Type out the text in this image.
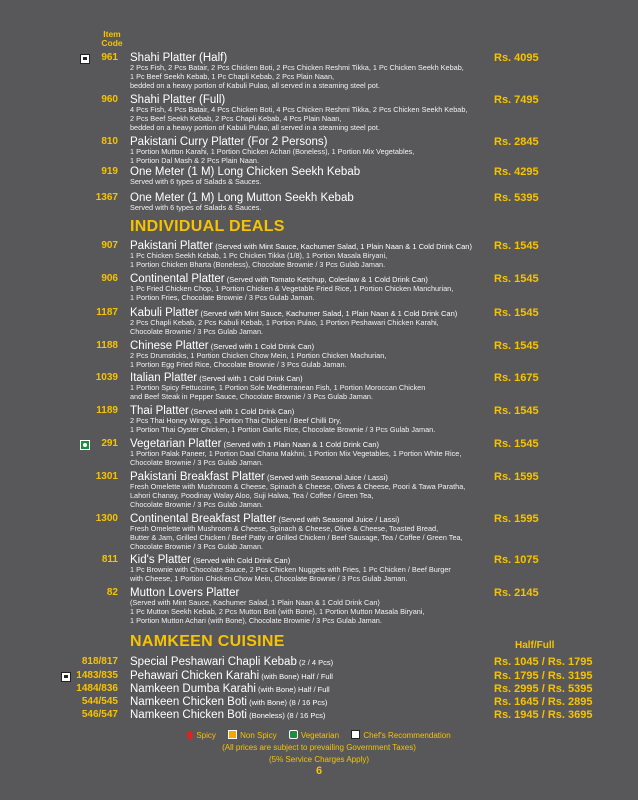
Item Code
961 Shahi Platter (Half)
2 Pcs Fish, 2 Pcs Batair, 2 Pcs Chicken Boti, 2 Pcs Chicken Reshmi Tikka, 1 Pc Chicken Seekh Kebab,
1 Pc Beef Seekh Kebab, 1 Pc Chapli Kebab, 2 Pcs Plain Naan,
bedded on a heavy portion of Kabuli Pulao, all served in a steaming steel pot.
Rs. 4095
960 Shahi Platter (Full)
4 Pcs Fish, 4 Pcs Batair, 4 Pcs Chicken Boti, 4 Pcs Chicken Reshmi Tikka, 2 Pcs Chicken Seekh Kebab,
2 Pcs Beef Seekh Kebab, 2 Pcs Chapli Kebab, 4 Pcs Plain Naan,
bedded on a heavy portion of Kabuli Pulao, all served in a steaming steel pot.
Rs. 7495
810 Pakistani Curry Platter (For 2 Persons)
1 Portion Mutton Karahi, 1 Portion Chicken Achari (Boneless), 1 Portion Mix Vegetables,
1 Portion Dal Mash & 2 Pcs Plain Naan.
Rs. 2845
919 One Meter (1 M) Long Chicken Seekh Kebab
Served with 6 types of Salads & Sauces.
Rs. 4295
1367 One Meter (1 M) Long Mutton Seekh Kebab
Served with 6 types of Salads & Sauces.
Rs. 5395
INDIVIDUAL DEALS
907 Pakistani Platter (Served with Mint Sauce, Kachumer Salad, 1 Plain Naan & 1 Cold Drink Can)
1 Pc Chicken Seekh Kebab, 1 Pc Chicken Tikka (1/8), 1 Portion Masala Biryani,
1 Portion Chicken Bharta (Boneless), Chocolate Brownie / 3 Pcs Gulab Jaman.
Rs. 1545
906 Continental Platter (Served with Tomato Ketchup, Coleslaw & 1 Cold Drink Can)
1 Pc Fried Chicken Chop, 1 Portion Chicken & Vegetable Fried Rice, 1 Portion Chicken Manchurian,
1 Portion Fries, Chocolate Brownie / 3 Pcs Gulab Jaman.
Rs. 1545
1187 Kabuli Platter (Served with Mint Sauce, Kachumer Salad, 1 Plain Naan & 1 Cold Drink Can)
2 Pcs Chapli Kebab, 2 Pcs Kabuli Kebab, 1 Portion Pulao, 1 Portion Peshawari Chicken Karahi,
Chocolate Brownie / 3 Pcs Gulab Jaman.
Rs. 1545
1188 Chinese Platter (Served with 1 Cold Drink Can)
2 Pcs Drumsticks, 1 Portion Chicken Chow Mein, 1 Portion Chicken Machurian,
1 Portion Egg Fried Rice, Chocolate Brownie / 3 Pcs Gulab Jaman.
Rs. 1545
1039 Italian Platter (Served with 1 Cold Drink Can)
1 Portion Spicy Fettuccine, 1 Portion Sole Mediterranean Fish, 1 Portion Moroccan Chicken
and Beef Steak in Pepper Sauce, Chocolate Brownie / 3 Pcs Gulab Jaman.
Rs. 1675
1189 Thai Platter (Served with 1 Cold Drink Can)
2 Pcs Thai Honey Wings, 1 Portion Thai Chicken / Beef Chilli Dry,
1 Portion Thai Oyster Chicken, 1 Portion Garlic Rice, Chocolate Brownie / 3 Pcs Gulab Jaman.
Rs. 1545
291 Vegetarian Platter (Served with 1 Plain Naan & 1 Cold Drink Can)
1 Portion Palak Paneer, 1 Portion Daal Chana Makhni, 1 Portion Mix Vegetables, 1 Portion White Rice,
Chocolate Brownie / 3 Pcs Gulab Jaman.
Rs. 1545
1301 Pakistani Breakfast Platter (Served with Seasonal Juice / Lassi)
Fresh Omelette with Mushroom & Cheese, Spinach & Cheese, Olives & Cheese, Poori & Tawa Paratha,
Lahori Chanay, Poodinay Walay Aloo, Suji Halwa, Tea / Coffee / Green Tea,
Chocolate Brownie / 3 Pcs Gulab Jaman.
Rs. 1595
1300 Continental Breakfast Platter (Served with Seasonal Juice / Lassi)
Fresh Omelette with Mushroom & Cheese, Spinach & Cheese, Olive & Cheese, Toasted Bread,
Butter & Jam, Grilled Chicken / Beef Patty or Grilled Chicken / Beef Sausage, Tea / Coffee / Green Tea,
Chocolate Brownie / 3 Pcs Gulab Jaman.
Rs. 1595
811 Kid's Platter (Served with Cold Drink Can)
1 Pc Brownie with Chocolate Sauce, 2 Pcs Chicken Nuggets with Fries, 1 Pc Chicken / Beef Burger
with Cheese, 1 Portion Chicken Chow Mein, Chocolate Brownie / 3 Pcs Gulab Jaman.
Rs. 1075
82 Mutton Lovers Platter
(Served with Mint Sauce, Kachumer Salad, 1 Plain Naan & 1 Cold Drink Can)
1 Pc Mutton Seekh Kebab, 2 Pcs Mutton Boti (with Bone), 1 Portion Mutton Masala Biryani,
1 Portion Mutton Achari (with Bone), Chocolate Brownie / 3 Pcs Gulab Jaman.
Rs. 2145
NAMKEEN CUISINE	Half/Full
818/817 Special Peshawari Chapli Kebab (2 / 4 Pcs)	Rs. 1045 / Rs. 1795
1483/835 Pehawari Chicken Karahi (with Bone) Half / Full	Rs. 1795 / Rs. 3195
1484/836 Namkeen Dumba Karahi (with Bone) Half / Full	Rs. 2995 / Rs. 5395
544/545 Namkeen Chicken Boti (with Bone) (8 / 16 Pcs)	Rs. 1645 / Rs. 2895
546/547 Namkeen Chicken Boti (Boneless) (8 / 16 Pcs)	Rs. 1945 / Rs. 3695
Spicy	Non Spicy	Vegetarian	Chef's Recommendation
(All prices are subject to prevailing Government Taxes)
(5% Service Charges Apply)
6
